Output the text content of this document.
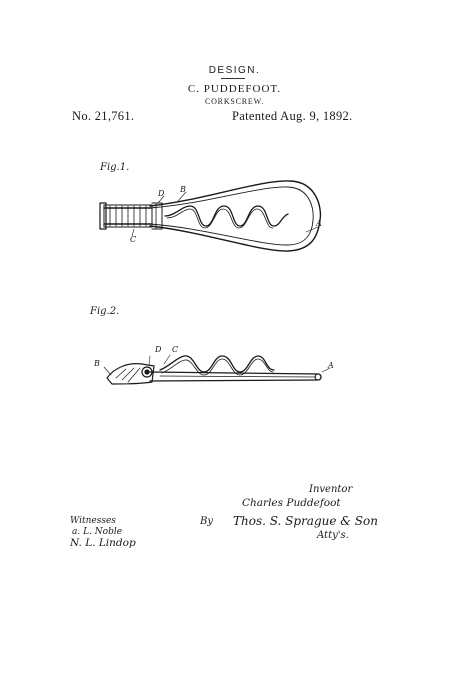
DESIGN.
C. PUDDEFOOT.
CORKSCREW.
No. 21,761.	Patented Aug. 9, 1892.
Fig.1.
D B
C
A
Fig.2.
B
D C
A
Inventor
Charles Puddefoot
By Thos. S. Sprague & Son
Atty's.
Witnesses
a. L. Noble
N. L. Lindop
